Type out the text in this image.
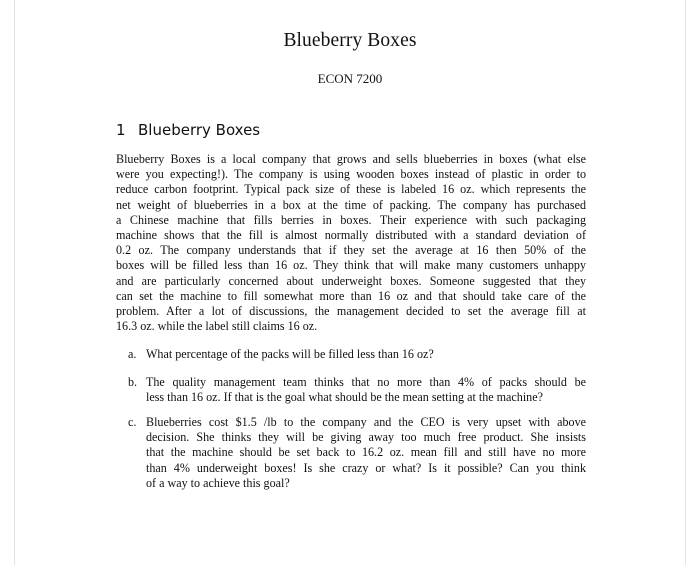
Blueberry Boxes
ECON 7200
1 Blueberry Boxes
Blueberry Boxes is a local company that grows and sells blueberries in boxes (what else
were you expecting!). The company is using wooden boxes instead of plastic in order to
reduce carbon footprint. Typical pack size of these is labeled 16 oz. which represents the
net weight of blueberries in a box at the time of packing. The company has purchased
a Chinese machine that fills berries in boxes. Their experience with such packaging
machine shows that the fill is almost normally distributed with a standard deviation of
0.2 oz. The company understands that if they set the average at 16 then 50% of the
boxes will be filled less than 16 oz. They think that will make many customers unhappy
and are particularly concerned about underweight boxes. Someone suggested that they
can set the machine to fill somewhat more than 16 oz and that should take care of the
problem. After a lot of discussions, the management decided to set the average fill at
16.3 oz. while the label still claims 16 oz.
a. What percentage of the packs will be filled less than 16 oz?
b. The quality management team thinks that no more than 4% of packs should be
less than 16 oz. If that is the goal what should be the mean setting at the machine?
c. Blueberries cost $1.5 /lb to the company and the CEO is very upset with above
decision. She thinks they will be giving away too much free product. She insists
that the machine should be set back to 16.2 oz. mean fill and still have no more
than 4% underweight boxes! Is she crazy or what? Is it possible? Can you think
of a way to achieve this goal?
